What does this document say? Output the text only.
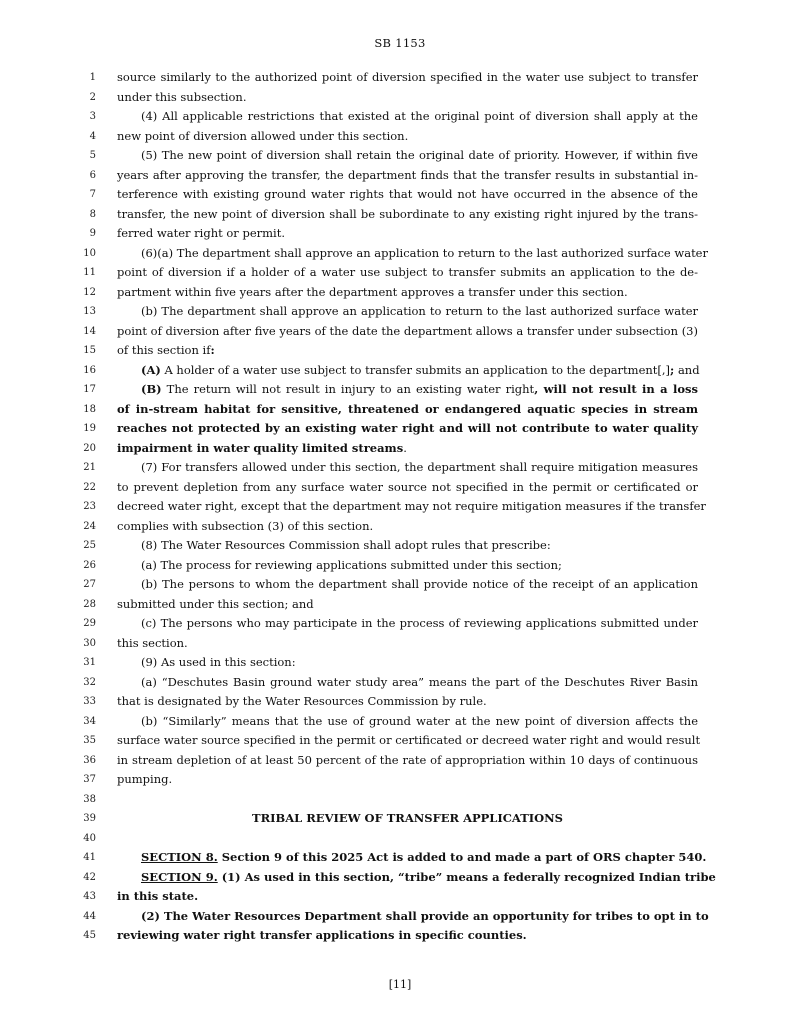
SB 1153
1 source similarly to the authorized point of diversion specified in the water use subject to transfer
2 under this subsection.
3	(4) All applicable restrictions that existed at the original point of diversion shall apply at the
4 new point of diversion allowed under this section.
5	(5) The new point of diversion shall retain the original date of priority. However, if within five
6 years after approving the transfer, the department finds that the transfer results in substantial in-
7 terference with existing ground water rights that would not have occurred in the absence of the
8 transfer, the new point of diversion shall be subordinate to any existing right injured by the trans-
9 ferred water right or permit.
10	(6)(a) The department shall approve an application to return to the last authorized surface water
11 point of diversion if a holder of a water use subject to transfer submits an application to the de-
12 partment within five years after the department approves a transfer under this section.
13	(b) The department shall approve an application to return to the last authorized surface water
14 point of diversion after five years of the date the department allows a transfer under subsection (3)
15 of this section if:
16	(A) A holder of a water use subject to transfer submits an application to the department[,]; and
17	(B) The return will not result in injury to an existing water right, will not result in a loss
18 of in-stream habitat for sensitive, threatened or endangered aquatic species in stream
19 reaches not protected by an existing water right and will not contribute to water quality
20 impairment in water quality limited streams.
21	(7) For transfers allowed under this section, the department shall require mitigation measures
22 to prevent depletion from any surface water source not specified in the permit or certificated or
23 decreed water right, except that the department may not require mitigation measures if the transfer
24 complies with subsection (3) of this section.
25	(8) The Water Resources Commission shall adopt rules that prescribe:
26	(a) The process for reviewing applications submitted under this section;
27	(b) The persons to whom the department shall provide notice of the receipt of an application
28 submitted under this section; and
29	(c) The persons who may participate in the process of reviewing applications submitted under
30 this section.
31	(9) As used in this section:
32	(a) “Deschutes Basin ground water study area” means the part of the Deschutes River Basin
33 that is designated by the Water Resources Commission by rule.
34	(b) “Similarly” means that the use of ground water at the new point of diversion affects the
35 surface water source specified in the permit or certificated or decreed water right and would result
36 in stream depletion of at least 50 percent of the rate of appropriation within 10 days of continuous
37 pumping.
38
39	TRIBAL REVIEW OF TRANSFER APPLICATIONS
40
41	SECTION 8. Section 9 of this 2025 Act is added to and made a part of ORS chapter 540.
42	SECTION 9. (1) As used in this section, “tribe” means a federally recognized Indian tribe
43 in this state.
44	(2) The Water Resources Department shall provide an opportunity for tribes to opt in to
45 reviewing water right transfer applications in specific counties.
[11]
